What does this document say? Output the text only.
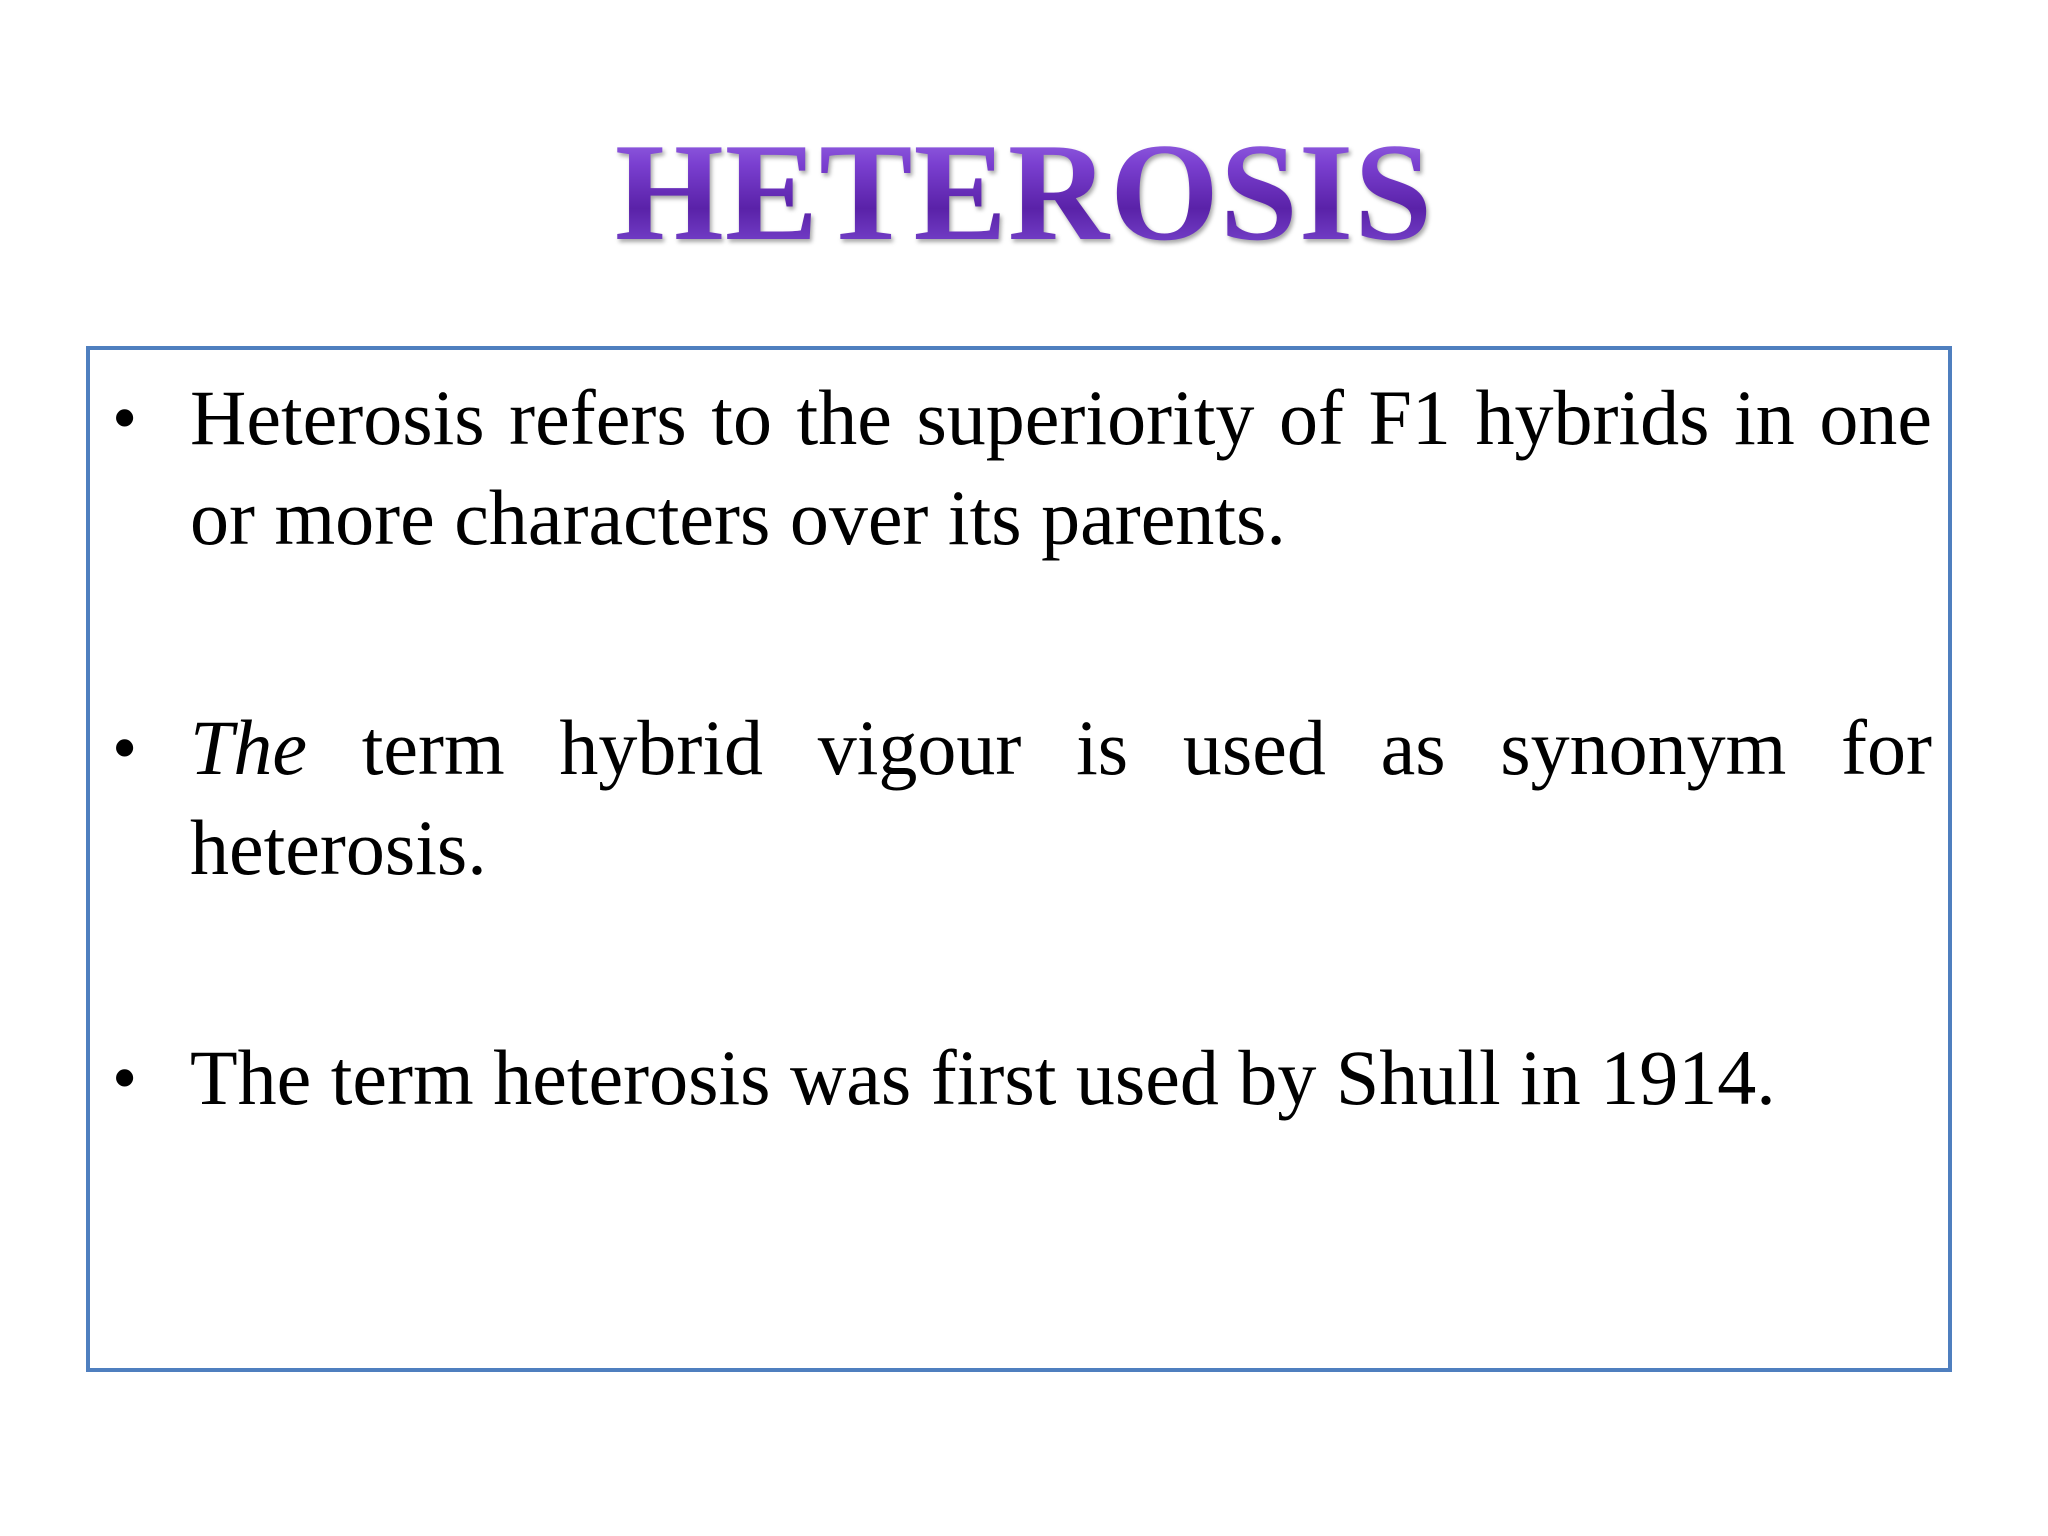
HETEROSIS
• Heterosis refers to the superiority of F1 hybrids in one or more characters over its parents.
• The term hybrid vigour is used as synonym for heterosis.
• The term heterosis was first used by Shull in 1914.
